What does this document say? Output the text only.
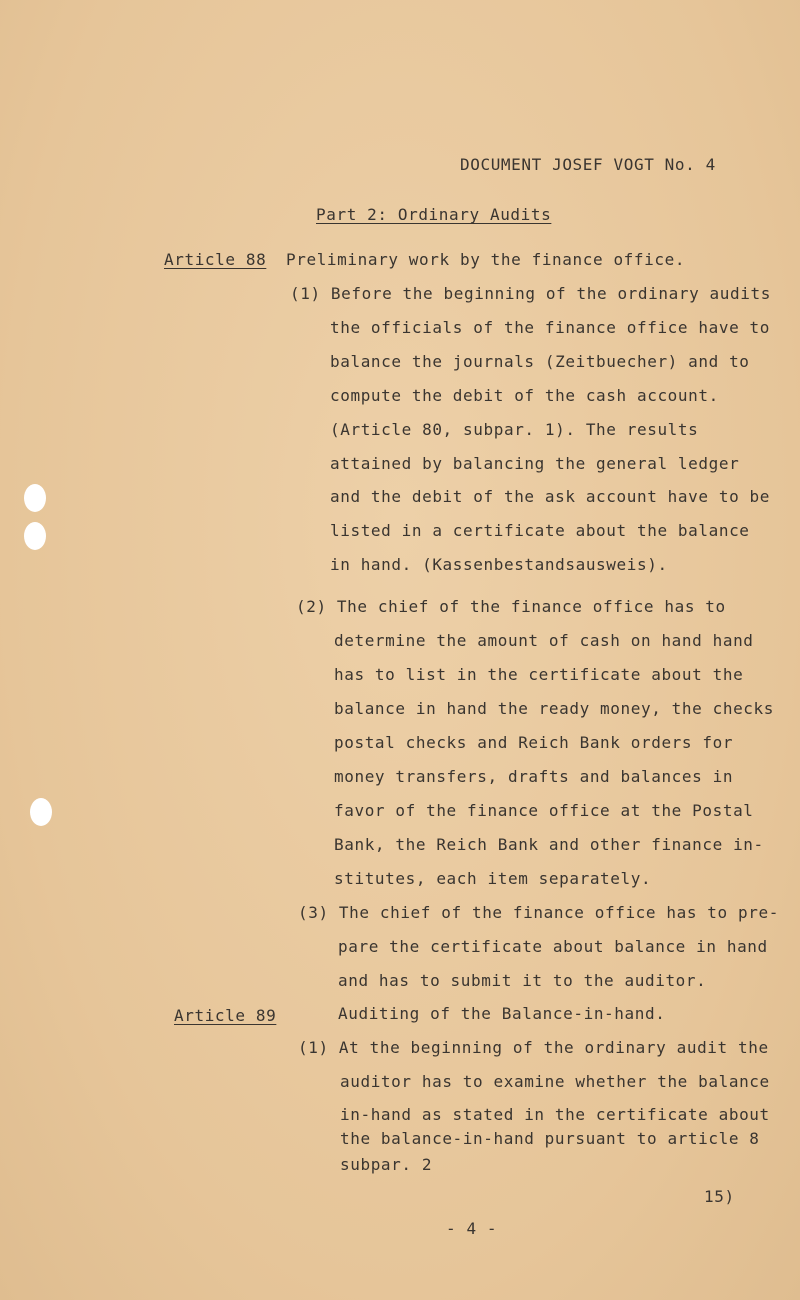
DOCUMENT JOSEF VOGT No. 4
Part 2: Ordinary Audits
Article 88 Preliminary work by the finance office.
(1) Before the beginning of the ordinary audits
the officials of the finance office have to
balance the journals (Zeitbuecher) and to
compute the debit of the cash account.
(Article 80, subpar. 1). The results
attained by balancing the general ledger
and the debit of the ask account have to be
listed in a certificate about the balance
in hand. (Kassenbestandsausweis).
(2) The chief of the finance office has to
determine the amount of cash on hand hand
has to list in the certificate about the
balance in hand the ready money, the checks
postal checks and Reich Bank orders for
money transfers, drafts and balances in
favor of the finance office at the Postal
Bank, the Reich Bank and other finance in-
stitutes, each item separately.
(3) The chief of the finance office has to pre-
pare the certificate about balance in hand
and has to submit it to the auditor.
Article 89	Auditing of the Balance-in-hand.
(1) At the beginning of the ordinary audit the
auditor has to examine whether the balance
in-hand as stated in the certificate about
the balance-in-hand pursuant to article 8
subpar. 2
15)
- 4 -
